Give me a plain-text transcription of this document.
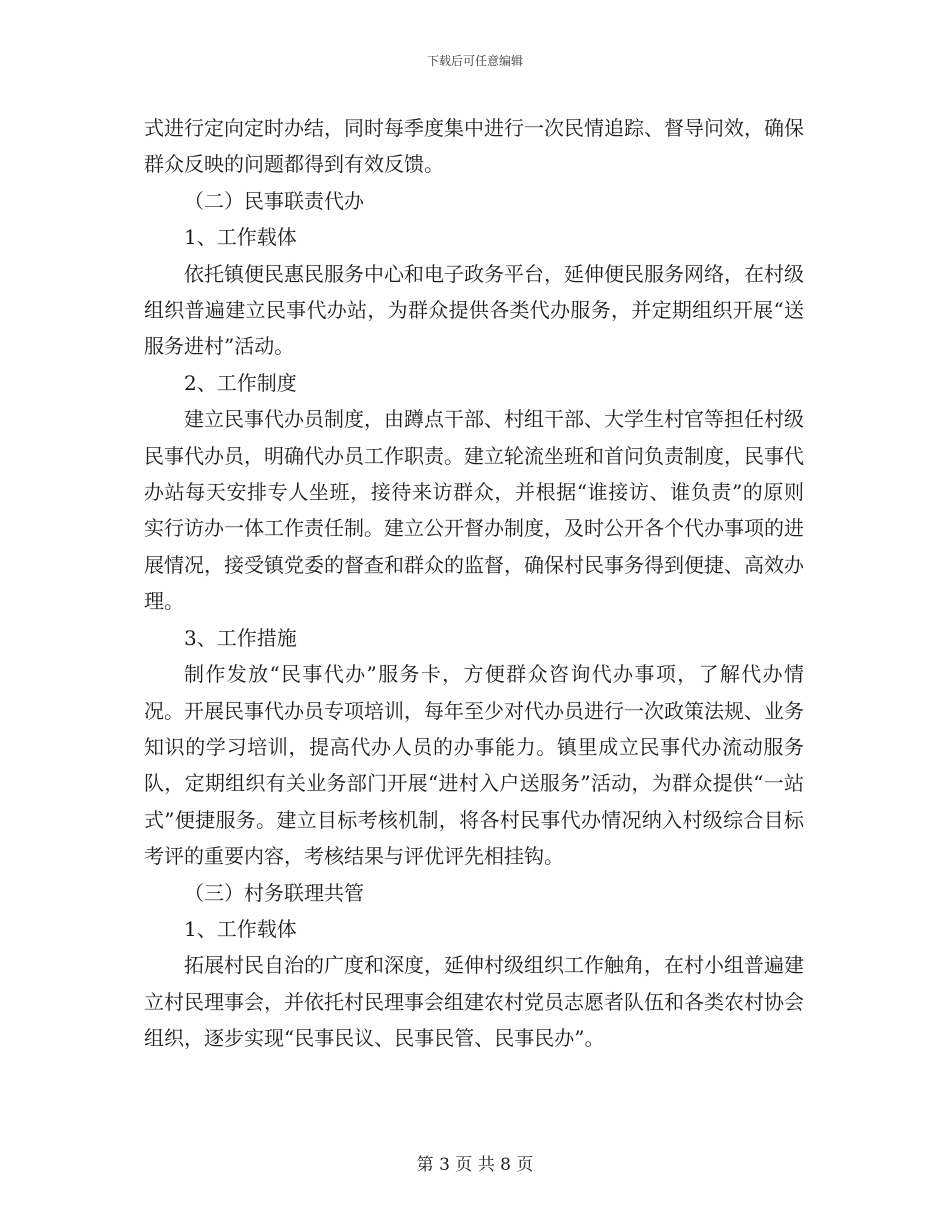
下载后可任意编辑

式进行定向定时办结，同时每季度集中进行一次民情追踪、督导问效，确保群众反映的问题都得到有效反馈。

（二）民事联责代办

1、工作载体

依托镇便民惠民服务中心和电子政务平台，延伸便民服务网络，在村级组织普遍建立民事代办站，为群众提供各类代办服务，并定期组织开展“送服务进村”活动。

2、工作制度

建立民事代办员制度，由蹲点干部、村组干部、大学生村官等担任村级民事代办员，明确代办员工作职责。建立轮流坐班和首问负责制度，民事代办站每天安排专人坐班，接待来访群众，并根据“谁接访、谁负责”的原则实行访办一体工作责任制。建立公开督办制度，及时公开各个代办事项的进展情况，接受镇党委的督查和群众的监督，确保村民事务得到便捷、高效办理。

3、工作措施

制作发放“民事代办”服务卡，方便群众咨询代办事项，了解代办情况。开展民事代办员专项培训，每年至少对代办员进行一次政策法规、业务知识的学习培训，提高代办人员的办事能力。镇里成立民事代办流动服务队，定期组织有关业务部门开展“进村入户送服务”活动，为群众提供“一站式”便捷服务。建立目标考核机制，将各村民事代办情况纳入村级综合目标考评的重要内容，考核结果与评优评先相挂钩。

（三）村务联理共管

1、工作载体

拓展村民自治的广度和深度，延伸村级组织工作触角，在村小组普遍建立村民理事会，并依托村民理事会组建农村党员志愿者队伍和各类农村协会组织，逐步实现“民事民议、民事民管、民事民办”。

第 3 页 共 8 页
